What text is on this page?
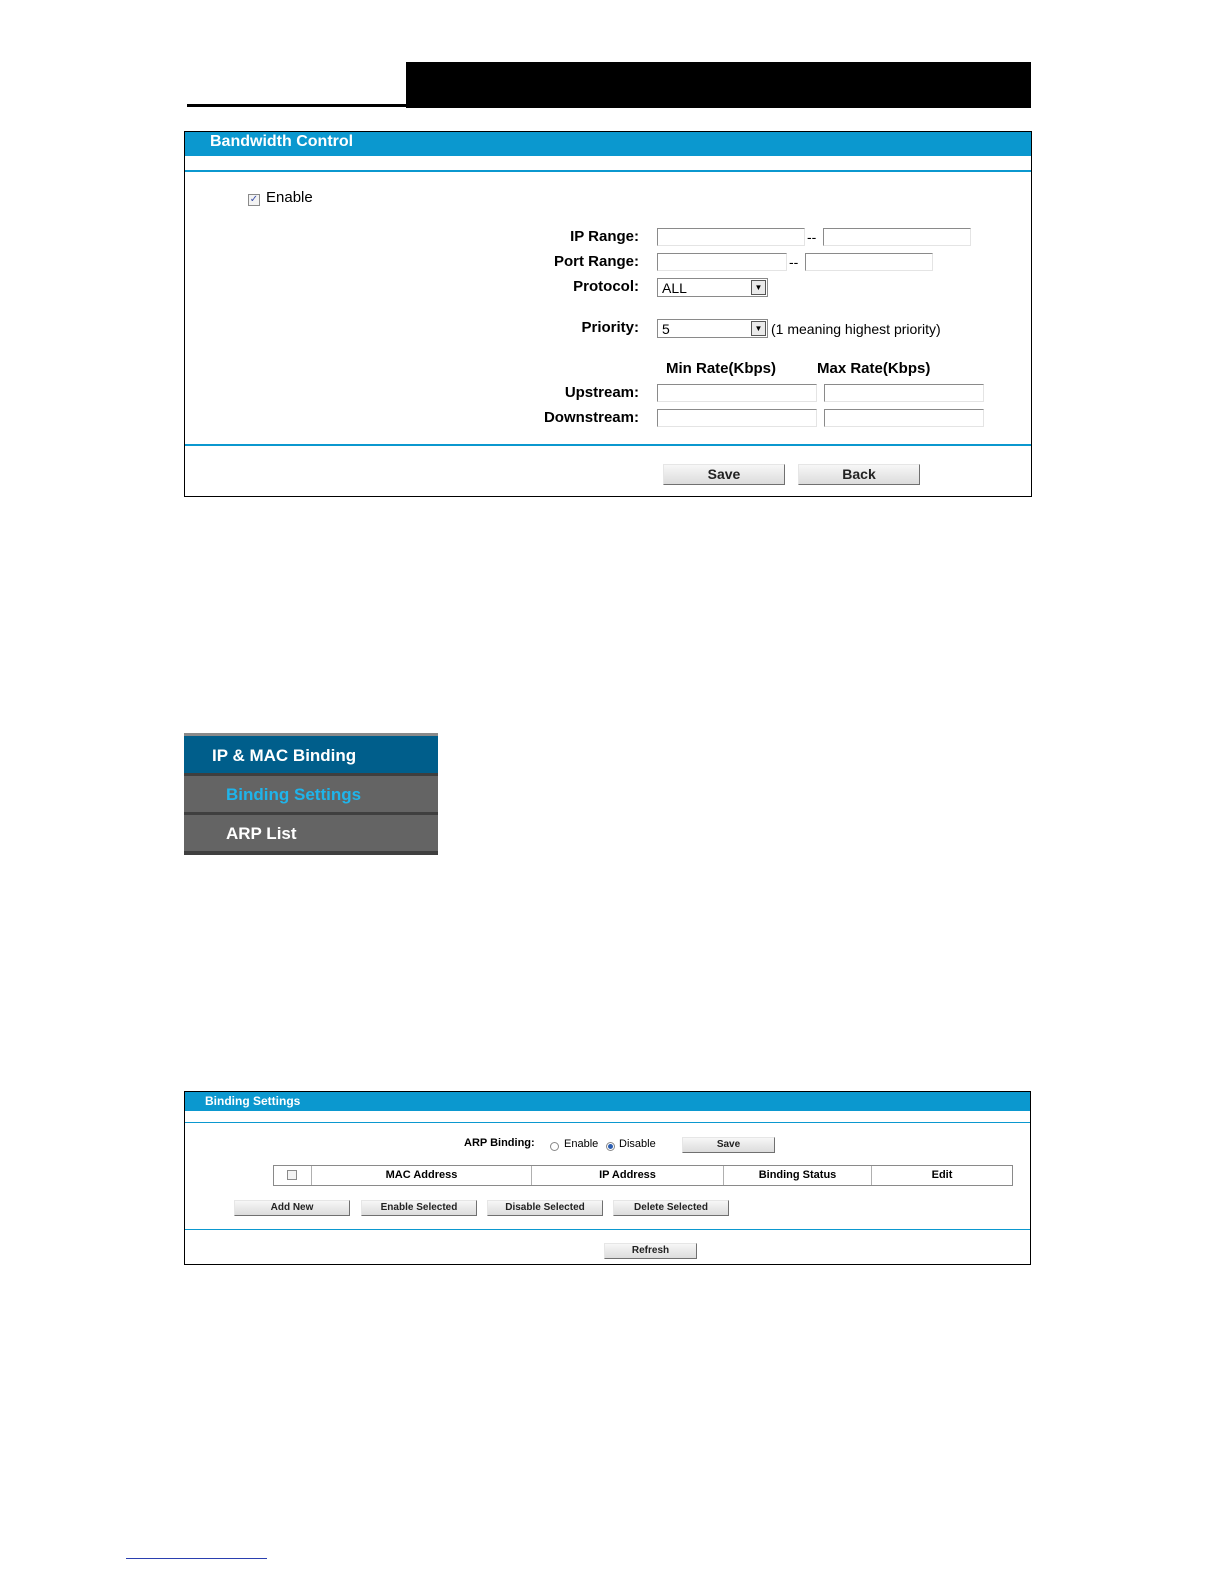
Bandwidth Control
✓ Enable
IP Range:	--
Port Range:	--
Protocol:	ALL	▼
Priority:	5	▼ (1 meaning highest priority)
Min Rate(Kbps)	Max Rate(Kbps)
Upstream:
Downstream:
Save	Back
IP & MAC Binding
Binding Settings
ARP List
Binding Settings
ARP Binding:	Enable Disable	Save
Add New	Enable Selected	Disable Selected	Delete Selected
Refresh
MAC Address	IP Address	Binding Status	Edit
